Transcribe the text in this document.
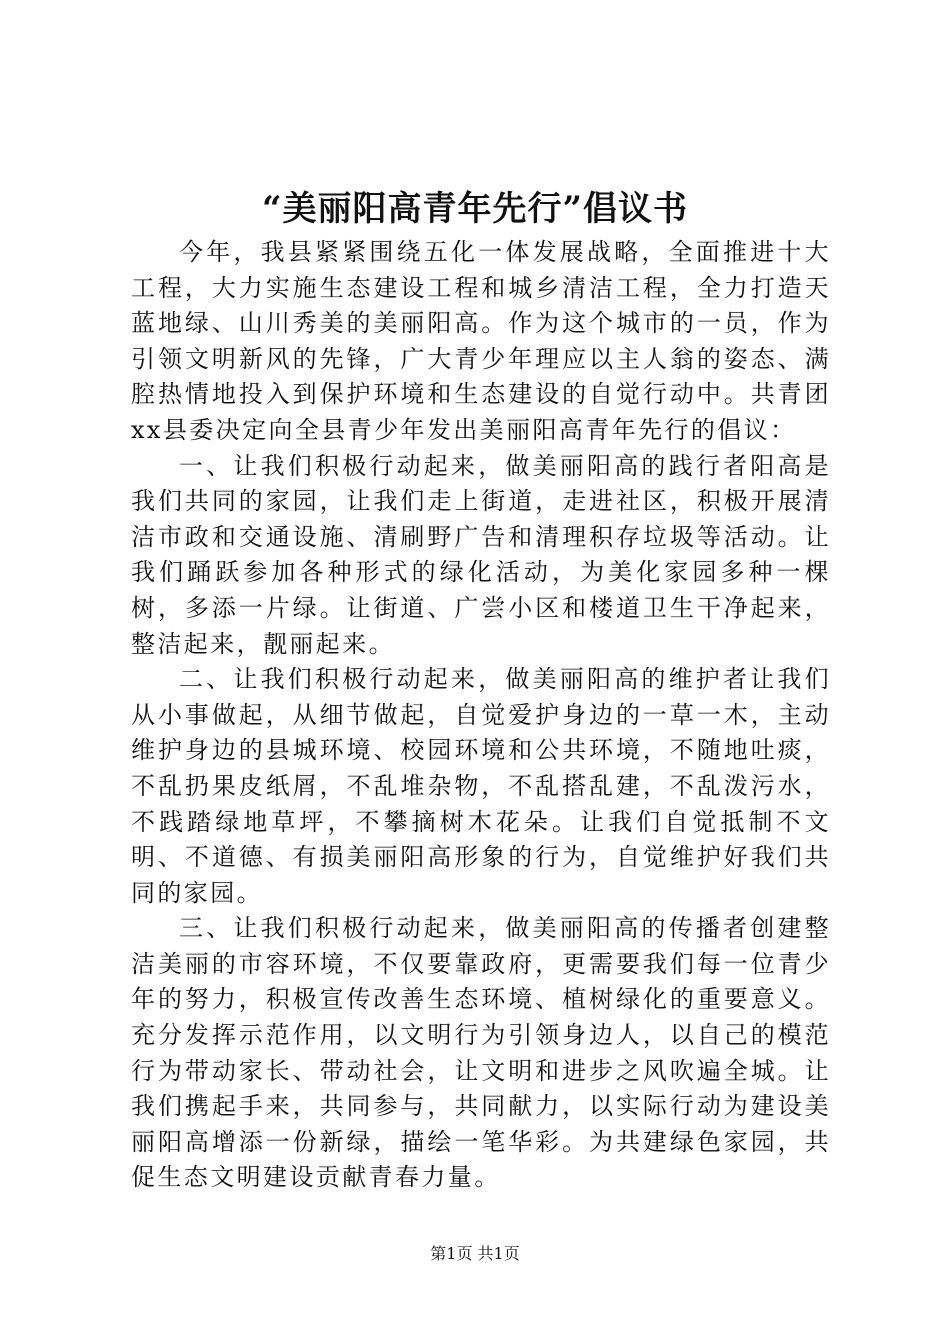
“美丽阳高青年先行”倡议书

今年，我县紧紧围绕五化一体发展战略，全面推进十大工程，大力实施生态建设工程和城乡清洁工程，全力打造天蓝地绿、山川秀美的美丽阳高。作为这个城市的一员，作为引领文明新风的先锋，广大青少年理应以主人翁的姿态、满腔热情地投入到保护环境和生态建设的自觉行动中。共青团xx县委决定向全县青少年发出美丽阳高青年先行的倡议：

一、让我们积极行动起来，做美丽阳高的践行者阳高是我们共同的家园，让我们走上街道，走进社区，积极开展清洁市政和交通设施、清刷野广告和清理积存垃圾等活动。让我们踊跃参加各种形式的绿化活动，为美化家园多种一棵树，多添一片绿。让街道、广尝小区和楼道卫生干净起来，整洁起来，靓丽起来。

二、让我们积极行动起来，做美丽阳高的维护者让我们从小事做起，从细节做起，自觉爱护身边的一草一木，主动维护身边的县城环境、校园环境和公共环境，不随地吐痰，不乱扔果皮纸屑，不乱堆杂物，不乱搭乱建，不乱泼污水，不践踏绿地草坪，不攀摘树木花朵。让我们自觉抵制不文明、不道德、有损美丽阳高形象的行为，自觉维护好我们共同的家园。

三、让我们积极行动起来，做美丽阳高的传播者创建整洁美丽的市容环境，不仅要靠政府，更需要我们每一位青少年的努力，积极宣传改善生态环境、植树绿化的重要意义。充分发挥示范作用，以文明行为引领身边人，以自己的模范行为带动家长、带动社会，让文明和进步之风吹遍全城。让我们携起手来，共同参与，共同献力，以实际行动为建设美丽阳高增添一份新绿，描绘一笔华彩。为共建绿色家园，共促生态文明建设贡献青春力量。

第1页 共1页
